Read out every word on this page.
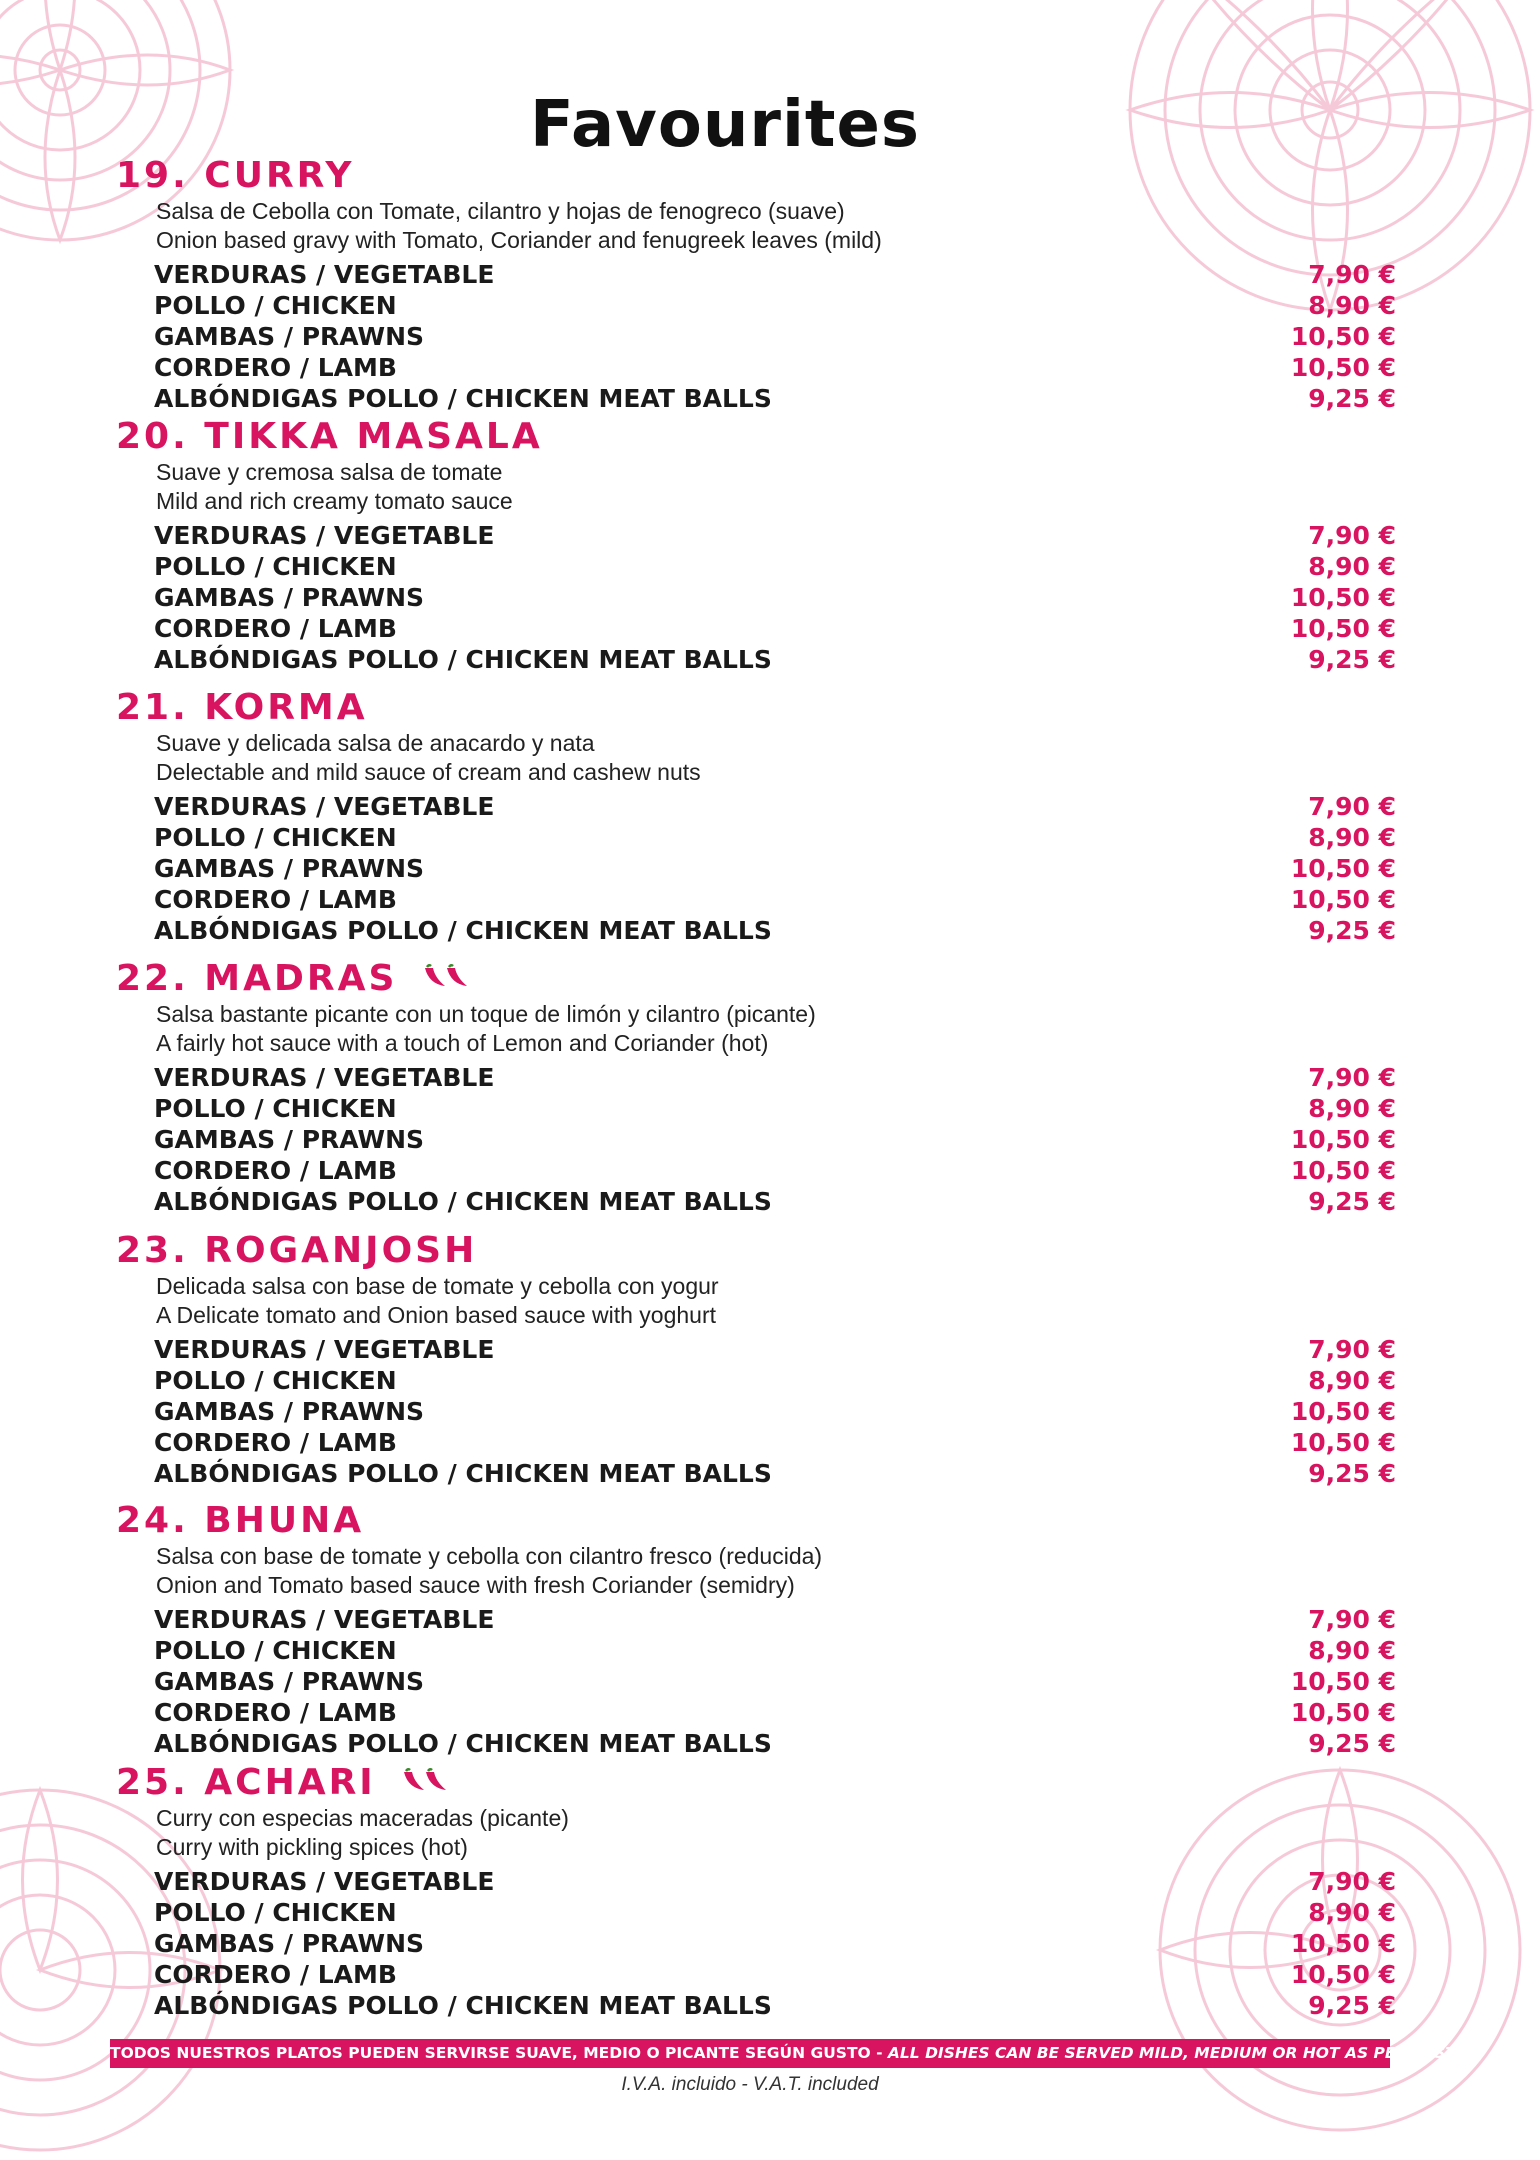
Favourites
19. CURRY
Salsa de Cebolla con Tomate, cilantro y hojas de fenogreco (suave)
Onion based gravy with Tomato, Coriander and fenugreek leaves (mild)
VERDURAS / VEGETABLE	7,90 €
POLLO / CHICKEN	8,90 €
GAMBAS / PRAWNS	10,50 €
CORDERO / LAMB	10,50 €
ALBÓNDIGAS POLLO / CHICKEN MEAT BALLS	9,25 €
20. TIKKA MASALA
Suave y cremosa salsa de tomate
Mild and rich creamy tomato sauce
VERDURAS / VEGETABLE	7,90 €
POLLO / CHICKEN	8,90 €
GAMBAS / PRAWNS	10,50 €
CORDERO / LAMB	10,50 €
ALBÓNDIGAS POLLO / CHICKEN MEAT BALLS	9,25 €
21. KORMA
Suave y delicada salsa de anacardo y nata
Delectable and mild sauce of cream and cashew nuts
VERDURAS / VEGETABLE	7,90 €
POLLO / CHICKEN	8,90 €
GAMBAS / PRAWNS	10,50 €
CORDERO / LAMB	10,50 €
ALBÓNDIGAS POLLO / CHICKEN MEAT BALLS	9,25 €
22. MADRAS
Salsa bastante picante con un toque de limón y cilantro (picante)
A fairly hot sauce with a touch of Lemon and Coriander (hot)
VERDURAS / VEGETABLE	7,90 €
POLLO / CHICKEN	8,90 €
GAMBAS / PRAWNS	10,50 €
CORDERO / LAMB	10,50 €
ALBÓNDIGAS POLLO / CHICKEN MEAT BALLS	9,25 €
23. ROGANJOSH
Delicada salsa con base de tomate y cebolla con yogur
A Delicate tomato and Onion based sauce with yoghurt
VERDURAS / VEGETABLE	7,90 €
POLLO / CHICKEN	8,90 €
GAMBAS / PRAWNS	10,50 €
CORDERO / LAMB	10,50 €
ALBÓNDIGAS POLLO / CHICKEN MEAT BALLS	9,25 €
24. BHUNA
Salsa con base de tomate y cebolla con cilantro fresco (reducida)
Onion and Tomato based sauce with fresh Coriander (semidry)
VERDURAS / VEGETABLE	7,90 €
POLLO / CHICKEN	8,90 €
GAMBAS / PRAWNS	10,50 €
CORDERO / LAMB	10,50 €
ALBÓNDIGAS POLLO / CHICKEN MEAT BALLS	9,25 €
25. ACHARI
Curry con especias maceradas (picante)
Curry with pickling spices (hot)
VERDURAS / VEGETABLE	7,90 €
POLLO / CHICKEN	8,90 €
GAMBAS / PRAWNS	10,50 €
CORDERO / LAMB	10,50 €
ALBÓNDIGAS POLLO / CHICKEN MEAT BALLS	9,25 €
TODOS NUESTROS PLATOS PUEDEN SERVIRSE SUAVE, MEDIO O PICANTE SEGÚN GUSTO - ALL DISHES CAN BE SERVED MILD, MEDIUM OR HOT AS PER TASTE
I.V.A. incluido - V.A.T. included
